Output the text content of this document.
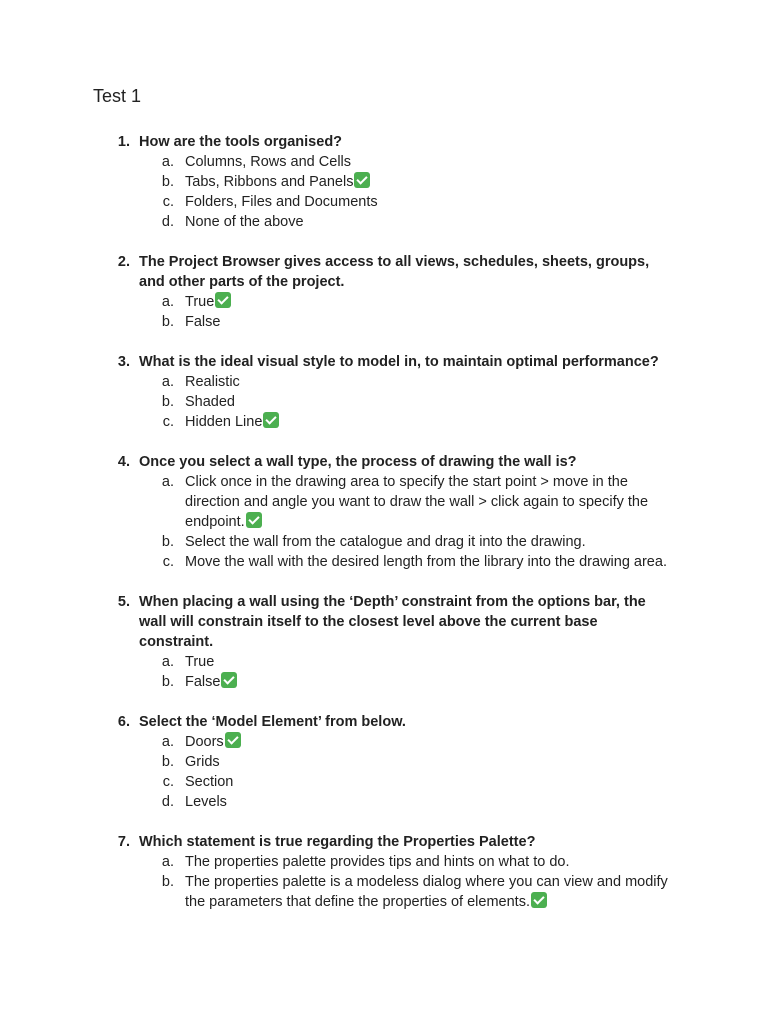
Test 1
1. How are the tools organised?
a. Columns, Rows and Cells
b. Tabs, Ribbons and Panels
c. Folders, Files and Documents
d. None of the above
2. The Project Browser gives access to all views, schedules, sheets, groups, and other parts of the project.
a. True
b. False
3. What is the ideal visual style to model in, to maintain optimal performance?
a. Realistic
b. Shaded
c. Hidden Line
4. Once you select a wall type, the process of drawing the wall is?
a. Click once in the drawing area to specify the start point > move in the direction and angle you want to draw the wall > click again to specify the endpoint.
b. Select the wall from the catalogue and drag it into the drawing.
c. Move the wall with the desired length from the library into the drawing area.
5. When placing a wall using the ‘Depth’ constraint from the options bar, the wall will constrain itself to the closest level above the current base constraint.
a. True
b. False
6. Select the ‘Model Element’ from below.
a. Doors
b. Grids
c. Section
d. Levels
7. Which statement is true regarding the Properties Palette?
a. The properties palette provides tips and hints on what to do.
b. The properties palette is a modeless dialog where you can view and modify the parameters that define the properties of elements.
